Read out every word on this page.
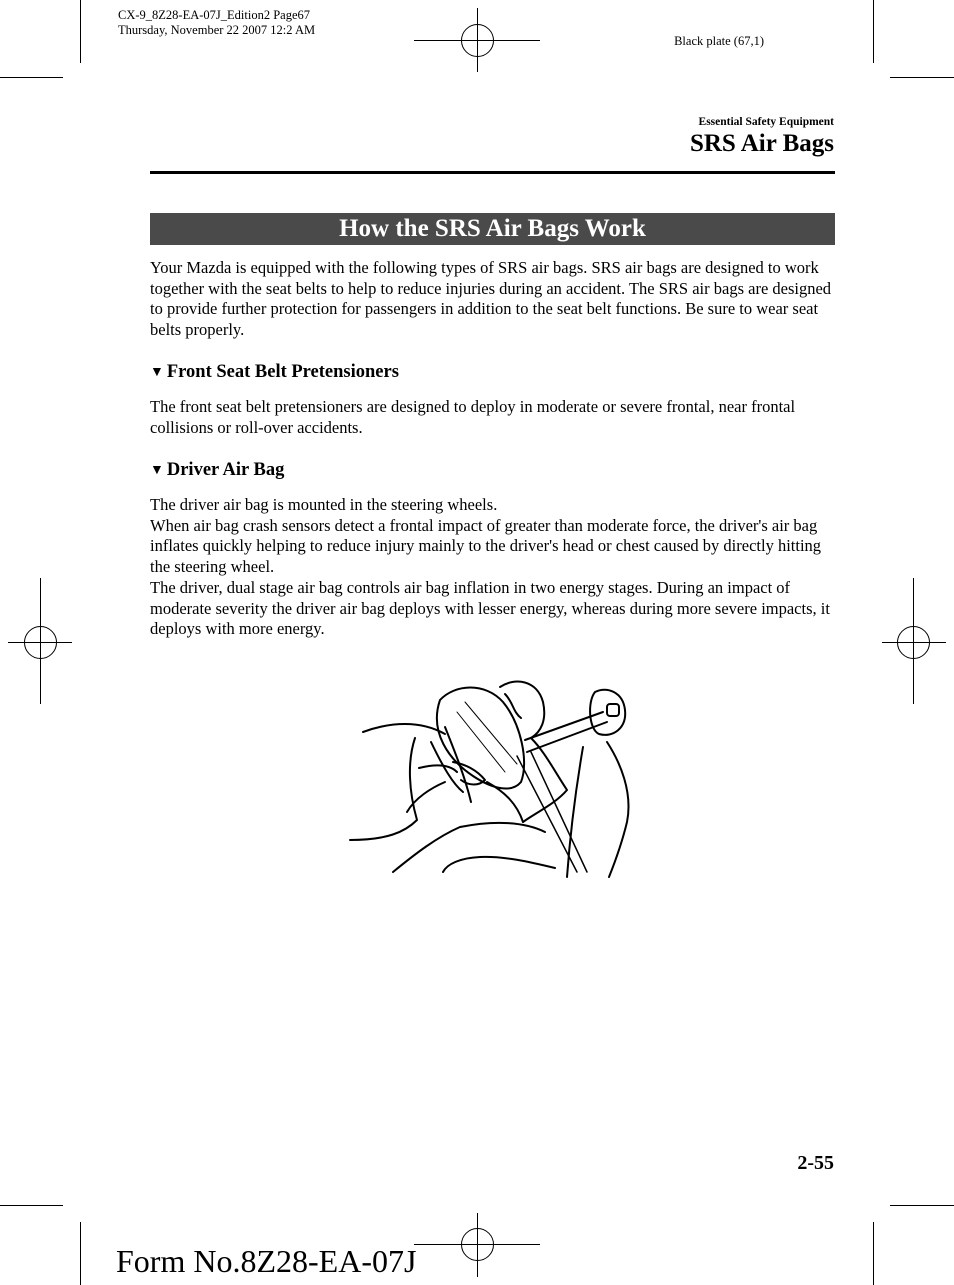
CX-9_8Z28-EA-07J_Edition2 Page67
Thursday, November 22 2007 12:2 AM
Black plate (67,1)
Essential Safety Equipment
SRS Air Bags
How the SRS Air Bags Work

Your Mazda is equipped with the following types of SRS air bags. SRS air bags are designed to work together with the seat belts to help to reduce injuries during an accident. The SRS air bags are designed to provide further protection for passengers in addition to the seat belt functions. Be sure to wear seat belts properly.

▼ Front Seat Belt Pretensioners

The front seat belt pretensioners are designed to deploy in moderate or severe frontal, near frontal collisions or roll-over accidents.

▼ Driver Air Bag

The driver air bag is mounted in the steering wheels.

When air bag crash sensors detect a frontal impact of greater than moderate force, the driver's air bag inflates quickly helping to reduce injury mainly to the driver's head or chest caused by directly hitting the steering wheel.

The driver, dual stage air bag controls air bag inflation in two energy stages. During an impact of moderate severity the driver air bag deploys with lesser energy, whereas during more severe impacts, it deploys with more energy.

2-55
Form No.8Z28-EA-07J
